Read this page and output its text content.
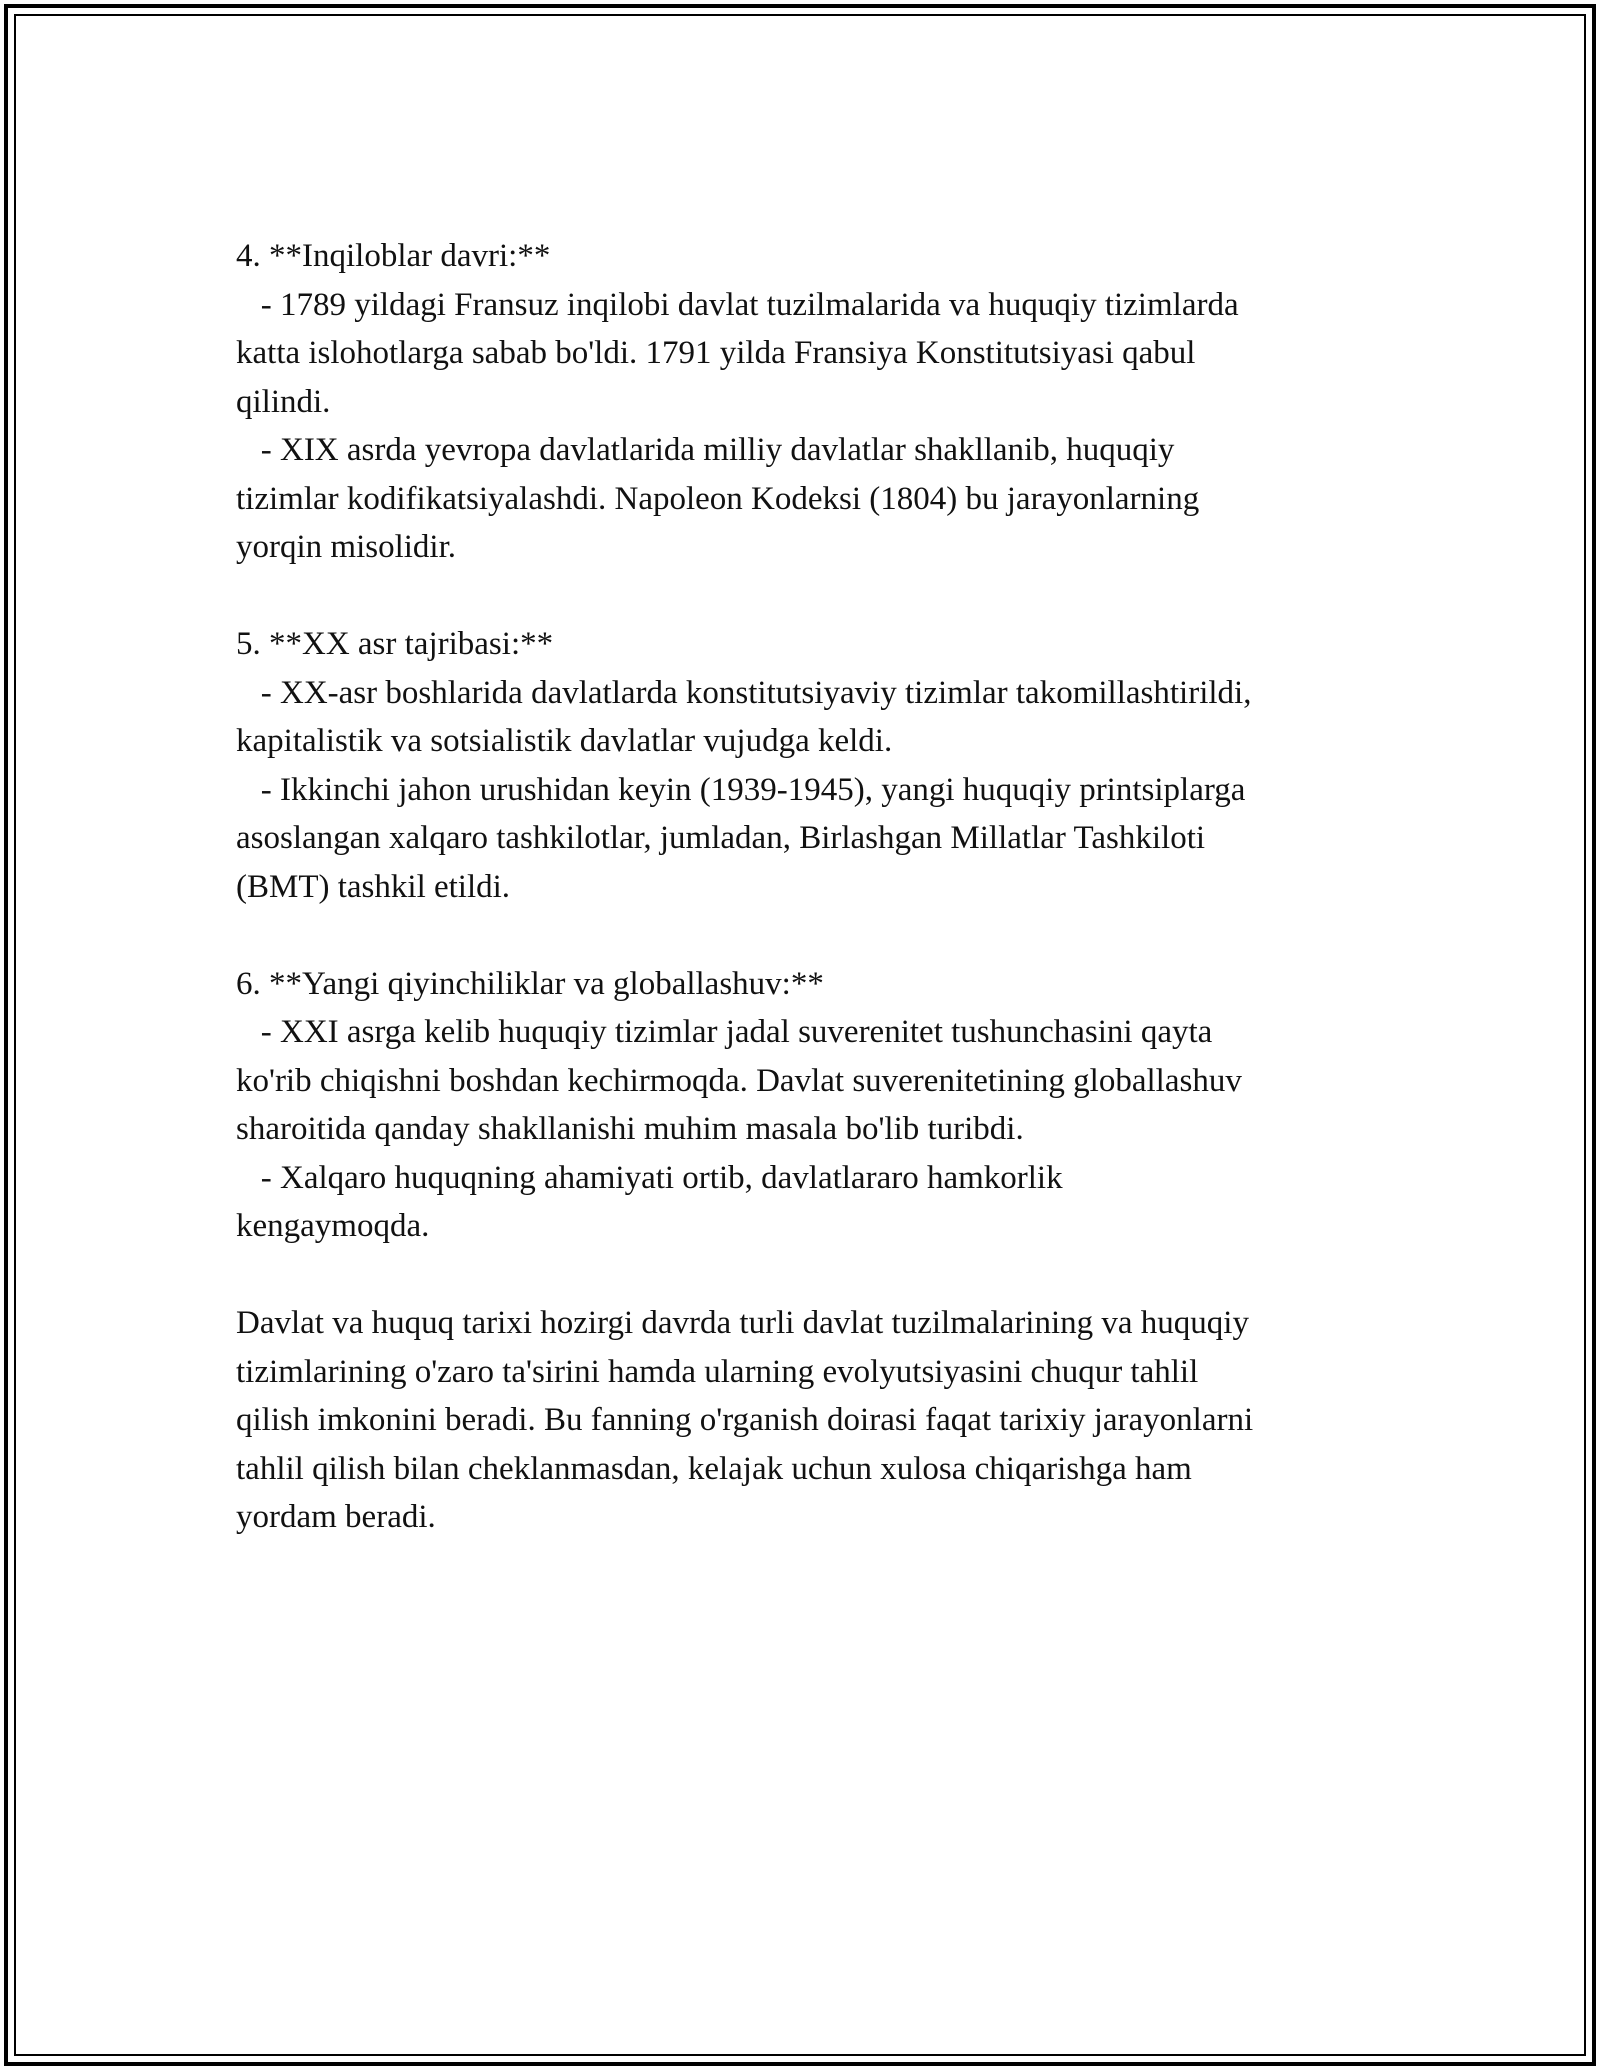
4. **Inqiloblar davri:**
- 1789 yildagi Fransuz inqilobi davlat tuzilmalarida va huquqiy tizimlarda
katta islohotlarga sabab bo'ldi. 1791 yilda Fransiya Konstitutsiyasi qabul
qilindi.
- XIX asrda yevropa davlatlarida milliy davlatlar shakllanib, huquqiy
tizimlar kodifikatsiyalashdi. Napoleon Kodeksi (1804) bu jarayonlarning
yorqin misolidir.
5. **XX asr tajribasi:**
- XX-asr boshlarida davlatlarda konstitutsiyaviy tizimlar takomillashtirildi,
kapitalistik va sotsialistik davlatlar vujudga keldi.
- Ikkinchi jahon urushidan keyin (1939-1945), yangi huquqiy printsiplarga
asoslangan xalqaro tashkilotlar, jumladan, Birlashgan Millatlar Tashkiloti
(BMT) tashkil etildi.
6. **Yangi qiyinchiliklar va globallashuv:**
- XXI asrga kelib huquqiy tizimlar jadal suverenitet tushunchasini qayta
ko'rib chiqishni boshdan kechirmoqda. Davlat suverenitetining globallashuv
sharoitida qanday shakllanishi muhim masala bo'lib turibdi.
- Xalqaro huquqning ahamiyati ortib, davlatlararo hamkorlik
kengaymoqda.
Davlat va huquq tarixi hozirgi davrda turli davlat tuzilmalarining va huquqiy
tizimlarining o'zaro ta'sirini hamda ularning evolyutsiyasini chuqur tahlil
qilish imkonini beradi. Bu fanning o'rganish doirasi faqat tarixiy jarayonlarni
tahlil qilish bilan cheklanmasdan, kelajak uchun xulosa chiqarishga ham
yordam beradi.
